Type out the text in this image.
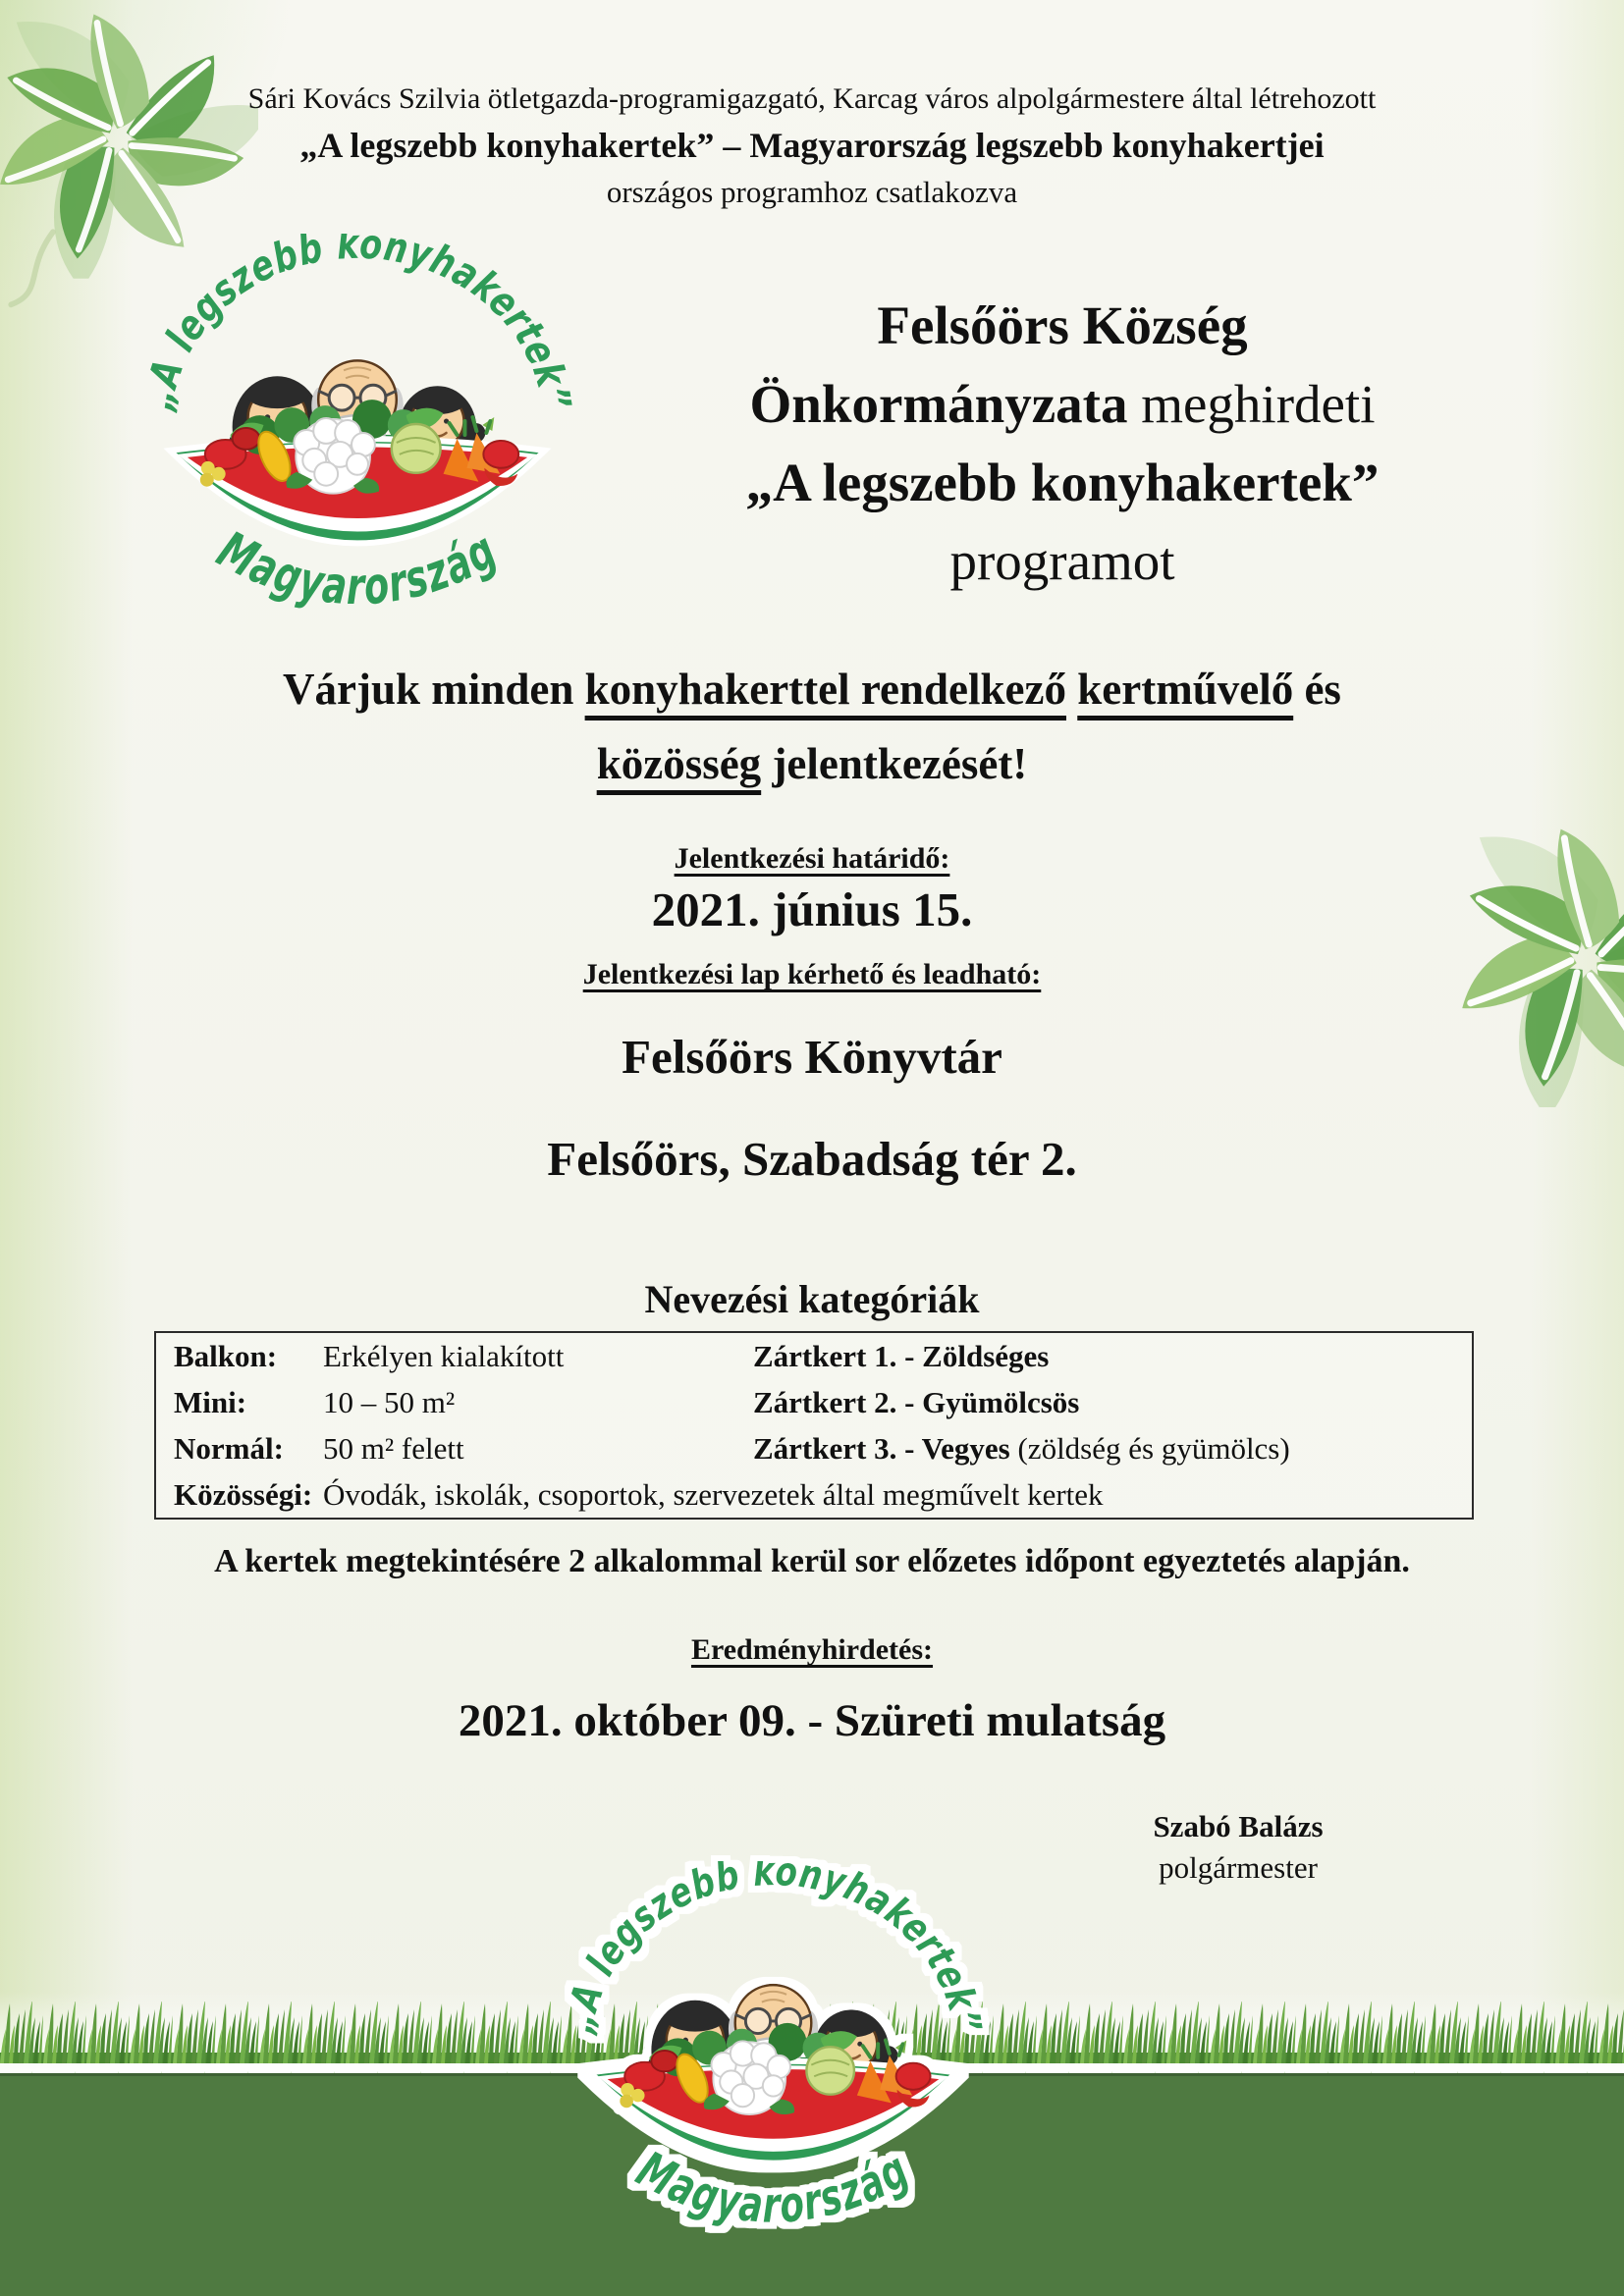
Sári Kovács Szilvia ötletgazda-programigazgató, Karcag város alpolgármestere által létrehozott
„A legszebb konyhakertek” – Magyarország legszebb konyhakertjei
országos programhoz csatlakozva
Felsőörs Község
Önkormányzata meghirdeti
„A legszebb konyhakertek”
programot
Várjuk minden konyhakerttel rendelkező kertművelő és
közösség jelentkezését!
Jelentkezési határidő:
2021. június 15.
Jelentkezési lap kérhető és leadható:
Felsőörs Könyvtár
Felsőörs, Szabadság tér 2.
Nevezési kategóriák
Balkon:	Erkélyen kialakított	Zártkert 1. - Zöldséges
Mini:	10 – 50 m²	Zártkert 2. - Gyümölcsös
Normál:	50 m² felett	Zártkert 3. - Vegyes (zöldség és gyümölcs)
Közösségi: Óvodák, iskolák, csoportok, szervezetek által megművelt kertek
A kertek megtekintésére 2 alkalommal kerül sor előzetes időpont egyeztetés alapján.
Eredményhirdetés:
2021. október 09. - Szüreti mulatság
Szabó Balázs
polgármester
